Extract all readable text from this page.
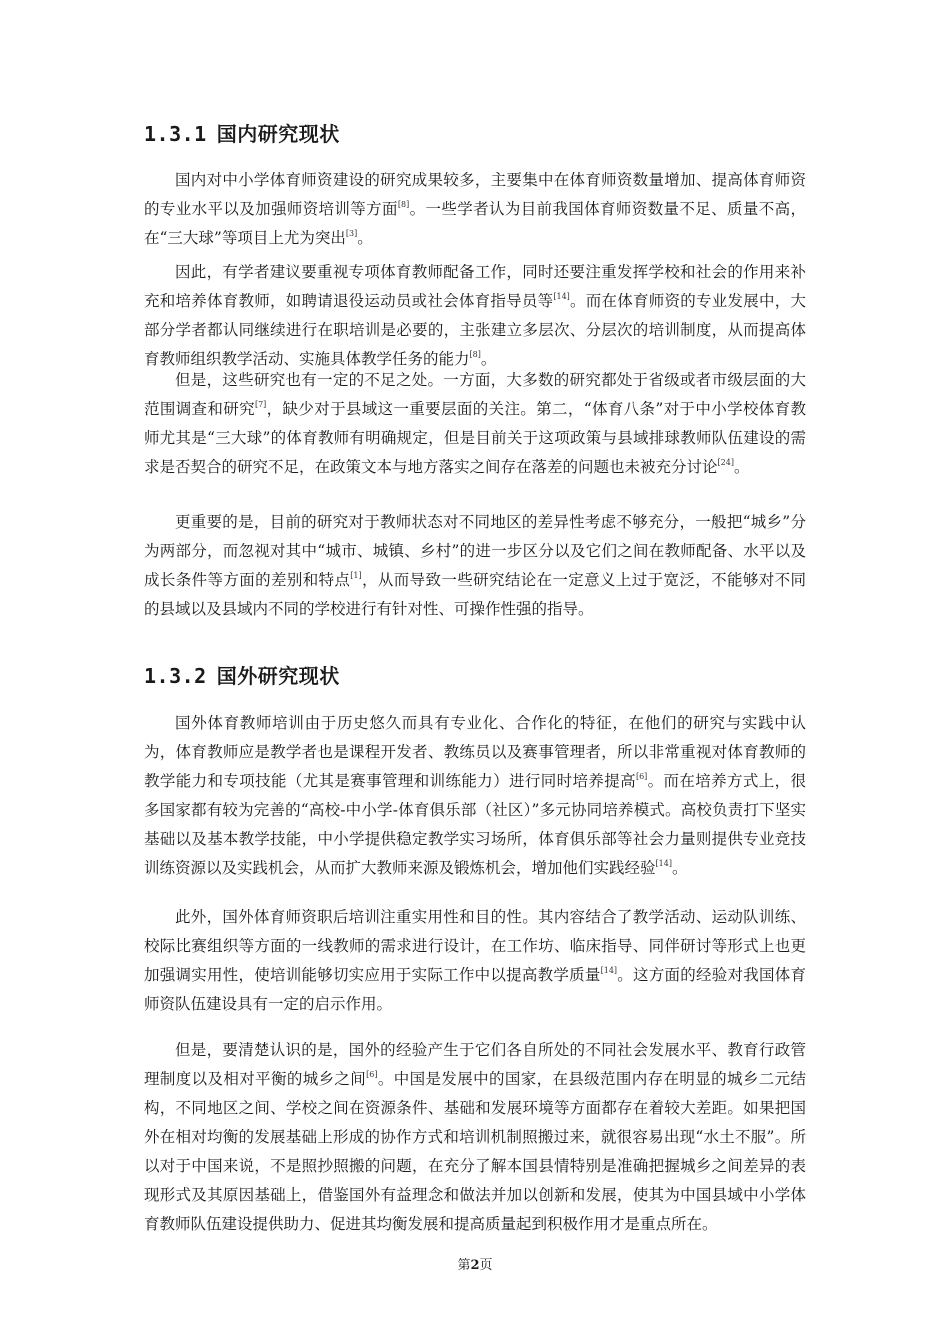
1.3.1 国内研究现状

国内对中小学体育师资建设的研究成果较多，主要集中在体育师资数量增加、提高体育师资的专业水平以及加强师资培训等方面[8]。一些学者认为目前我国体育师资数量不足、质量不高，在“三大球”等项目上尤为突出[3]。

因此，有学者建议要重视专项体育教师配备工作，同时还要注重发挥学校和社会的作用来补充和培养体育教师，如聘请退役运动员或社会体育指导员等[14]。而在体育师资的专业发展中，大部分学者都认同继续进行在职培训是必要的，主张建立多层次、分层次的培训制度，从而提高体育教师组织教学活动、实施具体教学任务的能力[8]。

但是，这些研究也有一定的不足之处。一方面，大多数的研究都处于省级或者市级层面的大范围调查和研究[7]，缺少对于县域这一重要层面的关注。第二，“体育八条”对于中小学校体育教师尤其是“三大球”的体育教师有明确规定，但是目前关于这项政策与县域排球教师队伍建设的需求是否契合的研究不足，在政策文本与地方落实之间存在落差的问题也未被充分讨论[24]。

更重要的是，目前的研究对于教师状态对不同地区的差异性考虑不够充分，一般把“城乡”分为两部分，而忽视对其中“城市、城镇、乡村”的进一步区分以及它们之间在教师配备、水平以及成长条件等方面的差别和特点[1]，从而导致一些研究结论在一定意义上过于宽泛，不能够对不同的县域以及县域内不同的学校进行有针对性、可操作性强的指导。

1.3.2 国外研究现状

国外体育教师培训由于历史悠久而具有专业化、合作化的特征，在他们的研究与实践中认为，体育教师应是教学者也是课程开发者、教练员以及赛事管理者，所以非常重视对体育教师的教学能力和专项技能（尤其是赛事管理和训练能力）进行同时培养提高[6]。而在培养方式上，很多国家都有较为完善的“高校-中小学-体育俱乐部（社区）”多元协同培养模式。高校负责打下坚实基础以及基本教学技能，中小学提供稳定教学实习场所，体育俱乐部等社会力量则提供专业竞技训练资源以及实践机会，从而扩大教师来源及锻炼机会，增加他们实践经验[14]。

此外，国外体育师资职后培训注重实用性和目的性。其内容结合了教学活动、运动队训练、校际比赛组织等方面的一线教师的需求进行设计，在工作坊、临床指导、同伴研讨等形式上也更加强调实用性，使培训能够切实应用于实际工作中以提高教学质量[14]。这方面的经验对我国体育师资队伍建设具有一定的启示作用。

但是，要清楚认识的是，国外的经验产生于它们各自所处的不同社会发展水平、教育行政管理制度以及相对平衡的城乡之间[6]。中国是发展中的国家，在县级范围内存在明显的城乡二元结构，不同地区之间、学校之间在资源条件、基础和发展环境等方面都存在着较大差距。如果把国外在相对均衡的发展基础上形成的协作方式和培训机制照搬过来，就很容易出现“水土不服”。所以对于中国来说，不是照抄照搬的问题，在充分了解本国县情特别是准确把握城乡之间差异的表现形式及其原因基础上，借鉴国外有益理念和做法并加以创新和发展，使其为中国县域中小学体育教师队伍建设提供助力、促进其均衡发展和提高质量起到积极作用才是重点所在。

第2页
